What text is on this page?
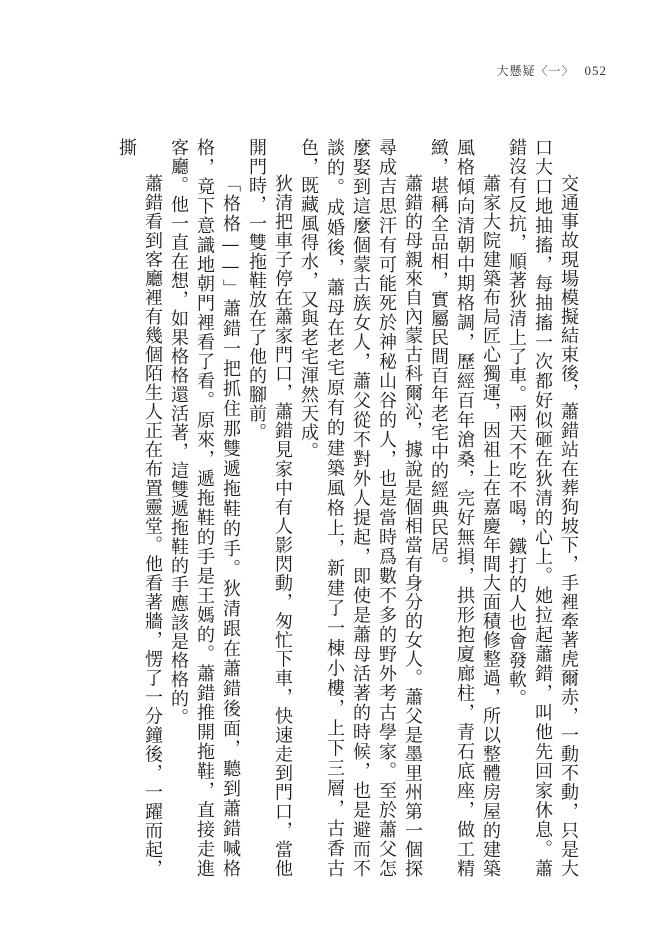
大懸疑〈一〉 052

交通事故現場模擬結束後，蕭錯站在葬狗坡下，手裡牽著虎爾赤，一動不動，只是大口大口地抽搐，每抽搐一次都好似砸在狄清的心上。她拉起蕭錯，叫他先回家休息。蕭錯沒有反抗，順著狄清上了車。兩天不吃不喝，鐵打的人也會發軟。

蕭家大院建築布局匠心獨運，因祖上在嘉慶年間大面積修整過，所以整體房屋的建築風格傾向清朝中期格調，歷經百年滄桑，完好無損，拱形抱廈廊柱，青石底座，做工精緻，堪稱全品相，實屬民間百年老宅中的經典民居。

蕭錯的母親來自內蒙古科爾沁，據說是個相當有身分的女人。蕭父是墨里州第一個探尋成吉思汗有可能死於神秘山谷的人，也是當時爲數不多的野外考古學家。至於蕭父怎麼娶到這麼個蒙古族女人，蕭父從不對外人提起，即使是蕭母活著的時候，也是避而不談的。成婚後，蕭母在老宅原有的建築風格上，新建了一棟小樓，上下三層，古香古色，既藏風得水，又與老宅渾然天成。

狄清把車子停在蕭家門口，蕭錯見家中有人影閃動，匆忙下車，快速走到門口，當他開門時，一雙拖鞋放在了他的腳前。

「格格——」蕭錯一把抓住那雙遞拖鞋的手。狄清跟在蕭錯後面，聽到蕭錯喊格格，竟下意識地朝門裡看了看。原來，遞拖鞋的手是王媽的。蕭錯推開拖鞋，直接走進客廳。他一直在想，如果格格還活著，這雙遞拖鞋的手應該是格格的。

蕭錯看到客廳裡有幾個陌生人正在布置靈堂。他看著牆，愣了一分鐘後，一躍而起，撕
